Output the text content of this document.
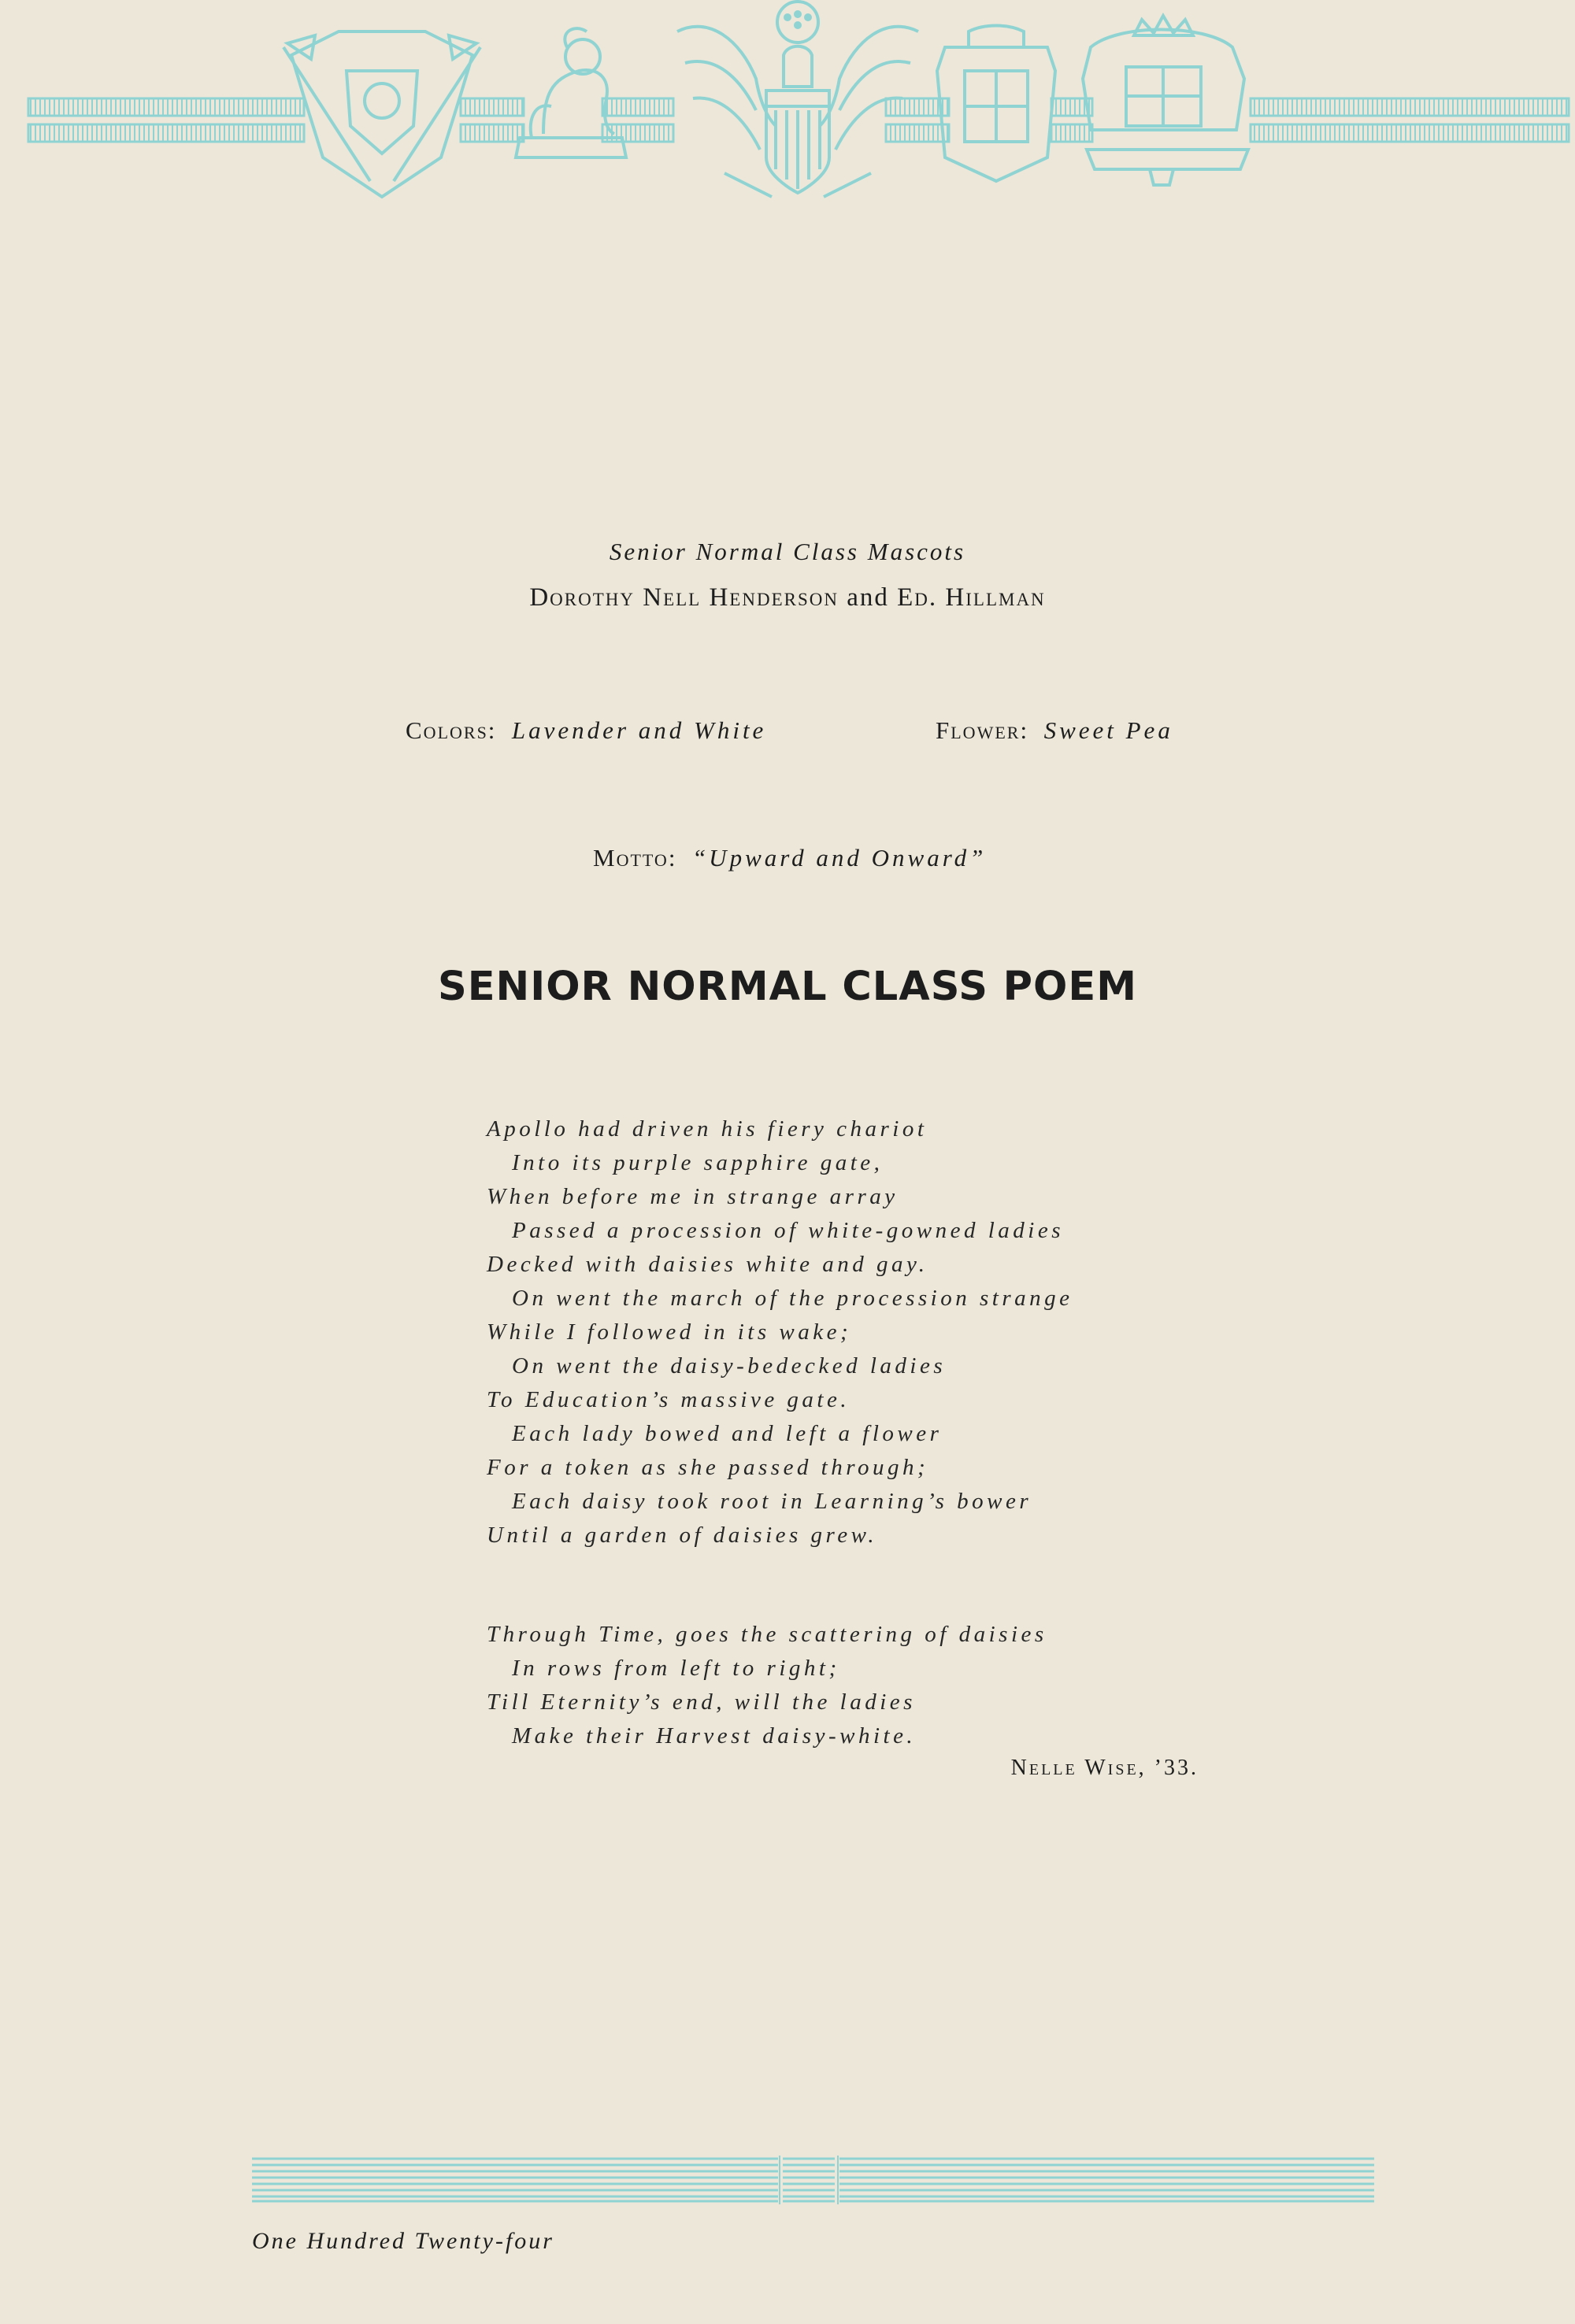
Senior Normal Class Mascots
Dorothy Nell Henderson and Ed. Hillman
Colors: Lavender and White	Flower: Sweet Pea
Motto: “Upward and Onward”
SENIOR NORMAL CLASS POEM
Apollo had driven his fiery chariot
Into its purple sapphire gate,
When before me in strange array
Passed a procession of white-gowned ladies
Decked with daisies white and gay.
On went the march of the procession strange
While I followed in its wake;
On went the daisy-bedecked ladies
To Education’s massive gate.
Each lady bowed and left a flower
For a token as she passed through;
Each daisy took root in Learning’s bower
Until a garden of daisies grew.
Through Time, goes the scattering of daisies
In rows from left to right;
Till Eternity’s end, will the ladies
Make their Harvest daisy-white.
Nelle Wise, ’33.
One Hundred Twenty-four
